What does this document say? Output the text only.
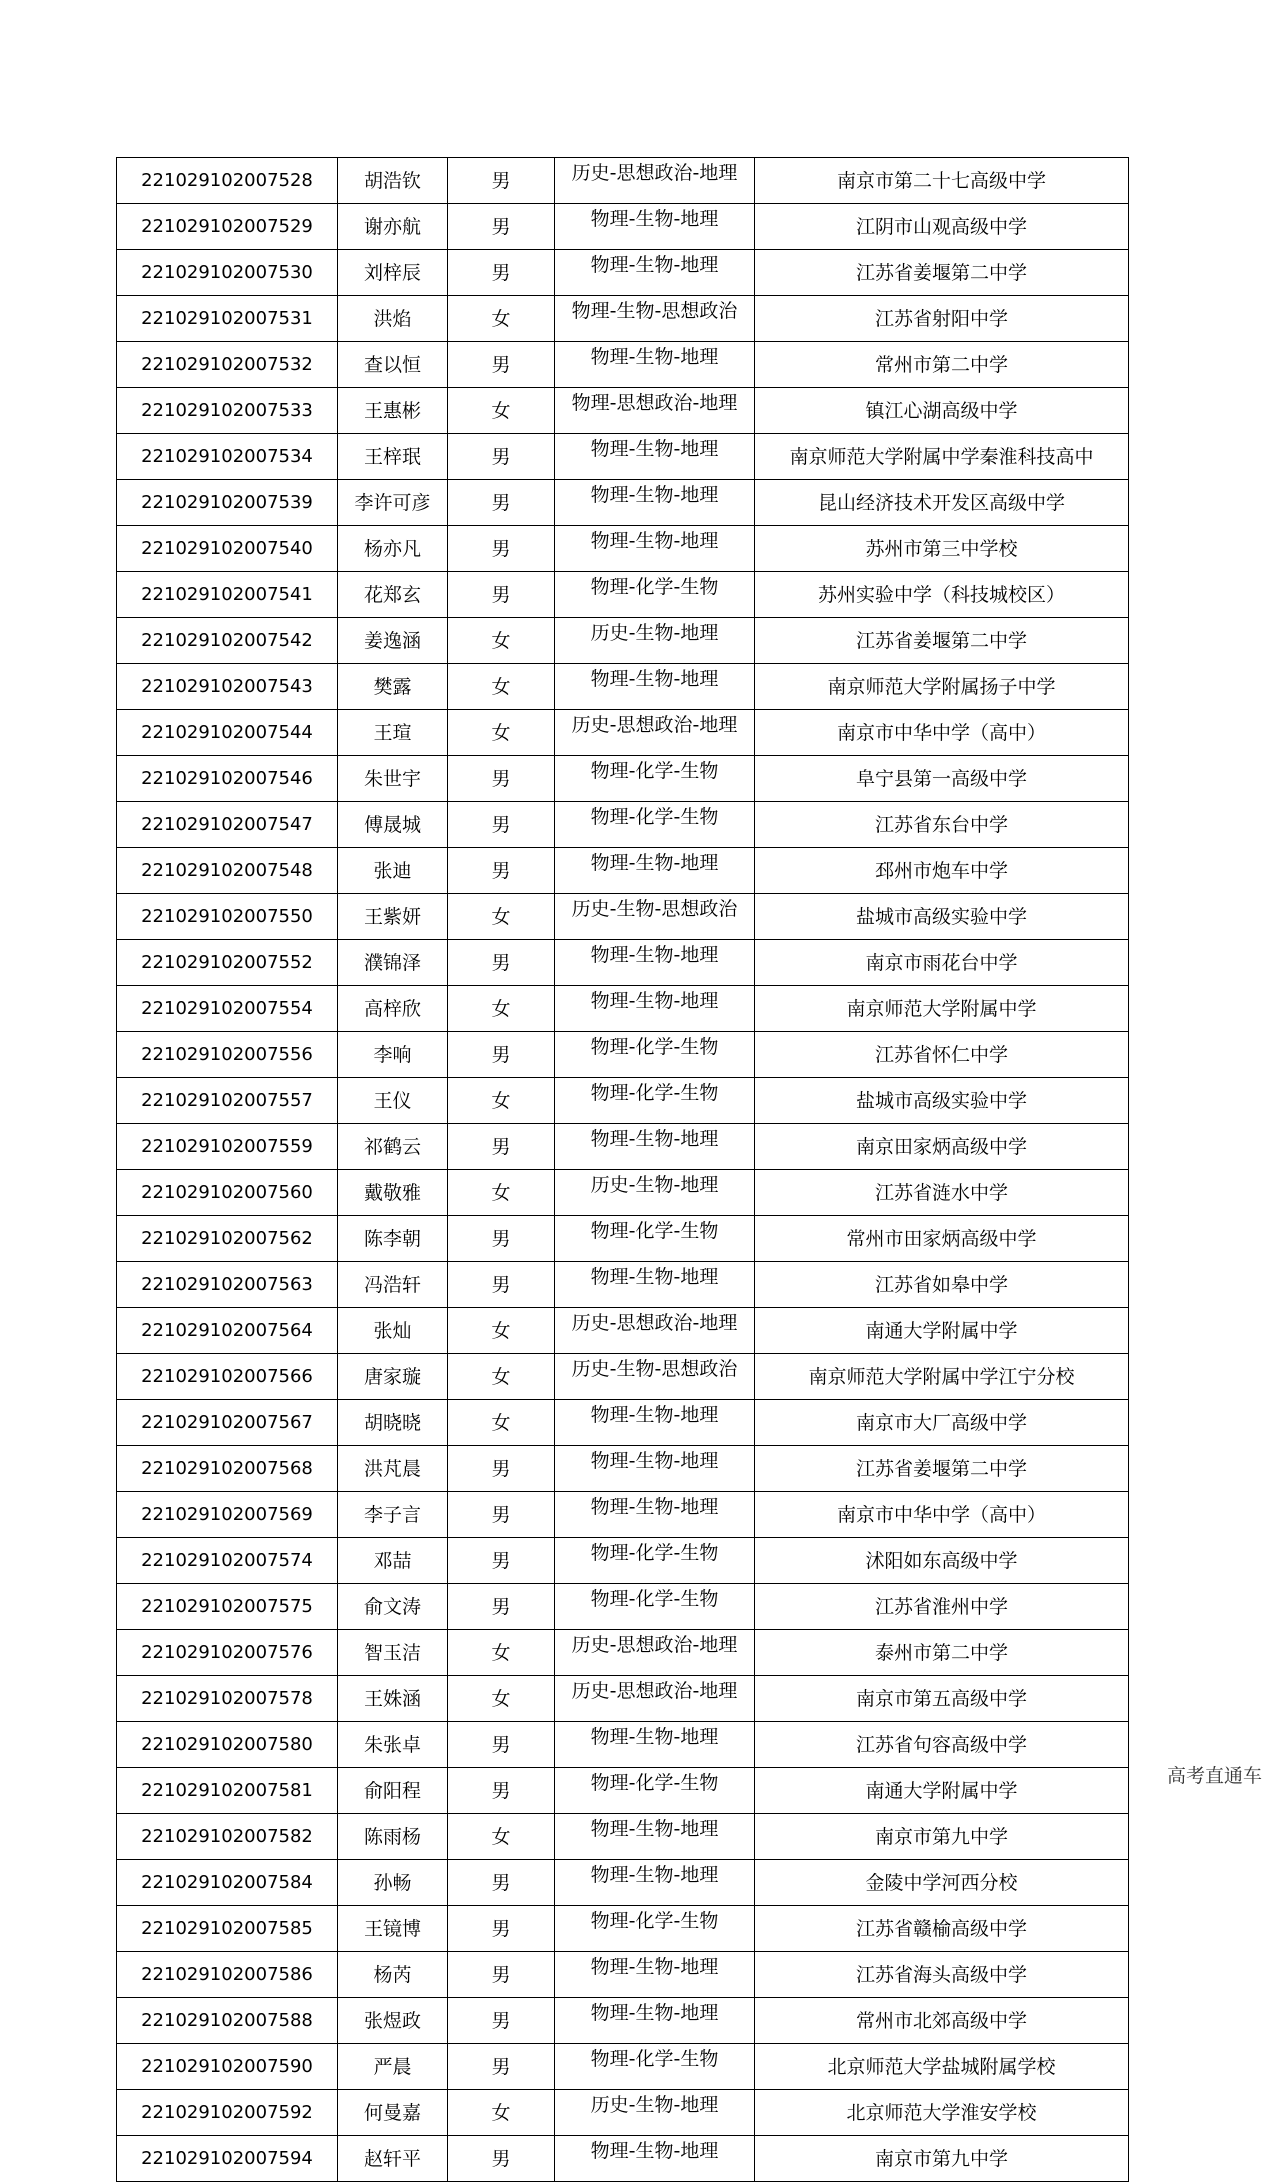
221029102007528	胡浩钦	男	历史-思想政治-地理	南京市第二十七高级中学
221029102007529	谢亦航	男	物理-生物-地理	江阴市山观高级中学
221029102007530	刘梓辰	男	物理-生物-地理	江苏省姜堰第二中学
221029102007531	洪焰	女	物理-生物-思想政治	江苏省射阳中学
221029102007532	查以恒	男	物理-生物-地理	常州市第二中学
221029102007533	王惠彬	女	物理-思想政治-地理	镇江心湖高级中学
221029102007534	王梓珉	男	物理-生物-地理	南京师范大学附属中学秦淮科技高中
221029102007539	李许可彦	男	物理-生物-地理	昆山经济技术开发区高级中学
221029102007540	杨亦凡	男	物理-生物-地理	苏州市第三中学校
221029102007541	花郑玄	男	物理-化学-生物	苏州实验中学（科技城校区）
221029102007542	姜逸涵	女	历史-生物-地理	江苏省姜堰第二中学
221029102007543	樊露	女	物理-生物-地理	南京师范大学附属扬子中学
221029102007544	王瑄	女	历史-思想政治-地理	南京市中华中学（高中）
221029102007546	朱世宇	男	物理-化学-生物	阜宁县第一高级中学
221029102007547	傅晟城	男	物理-化学-生物	江苏省东台中学
221029102007548	张迪	男	物理-生物-地理	邳州市炮车中学
221029102007550	王紫妍	女	历史-生物-思想政治	盐城市高级实验中学
221029102007552	濮锦泽	男	物理-生物-地理	南京市雨花台中学
221029102007554	高梓欣	女	物理-生物-地理	南京师范大学附属中学
221029102007556	李响	男	物理-化学-生物	江苏省怀仁中学
221029102007557	王仪	女	物理-化学-生物	盐城市高级实验中学
221029102007559	祁鹤云	男	物理-生物-地理	南京田家炳高级中学
221029102007560	戴敬雅	女	历史-生物-地理	江苏省涟水中学
221029102007562	陈李朝	男	物理-化学-生物	常州市田家炳高级中学
221029102007563	冯浩轩	男	物理-生物-地理	江苏省如皋中学
221029102007564	张灿	女	历史-思想政治-地理	南通大学附属中学
221029102007566	唐家璇	女	历史-生物-思想政治	南京师范大学附属中学江宁分校
221029102007567	胡晓晓	女	物理-生物-地理	南京市大厂高级中学
221029102007568	洪芃晨	男	物理-生物-地理	江苏省姜堰第二中学
221029102007569	李子言	男	物理-生物-地理	南京市中华中学（高中）
221029102007574	邓喆	男	物理-化学-生物	沭阳如东高级中学
221029102007575	俞文涛	男	物理-化学-生物	江苏省淮州中学
221029102007576	智玉洁	女	历史-思想政治-地理	泰州市第二中学
221029102007578	王姝涵	女	历史-思想政治-地理	南京市第五高级中学
221029102007580	朱张卓	男	物理-生物-地理	江苏省句容高级中学
221029102007581	俞阳程	男	物理-化学-生物	南通大学附属中学
221029102007582	陈雨杨	女	物理-生物-地理	南京市第九中学
221029102007584	孙畅	男	物理-生物-地理	金陵中学河西分校
221029102007585	王镜博	男	物理-化学-生物	江苏省赣榆高级中学
221029102007586	杨芮	男	物理-生物-地理	江苏省海头高级中学
221029102007588	张煜政	男	物理-生物-地理	常州市北郊高级中学
221029102007590	严晨	男	物理-化学-生物	北京师范大学盐城附属学校
221029102007592	何曼嘉	女	历史-生物-地理	北京师范大学淮安学校
221029102007594	赵轩平	男	物理-生物-地理	南京市第九中学
高考直通车
